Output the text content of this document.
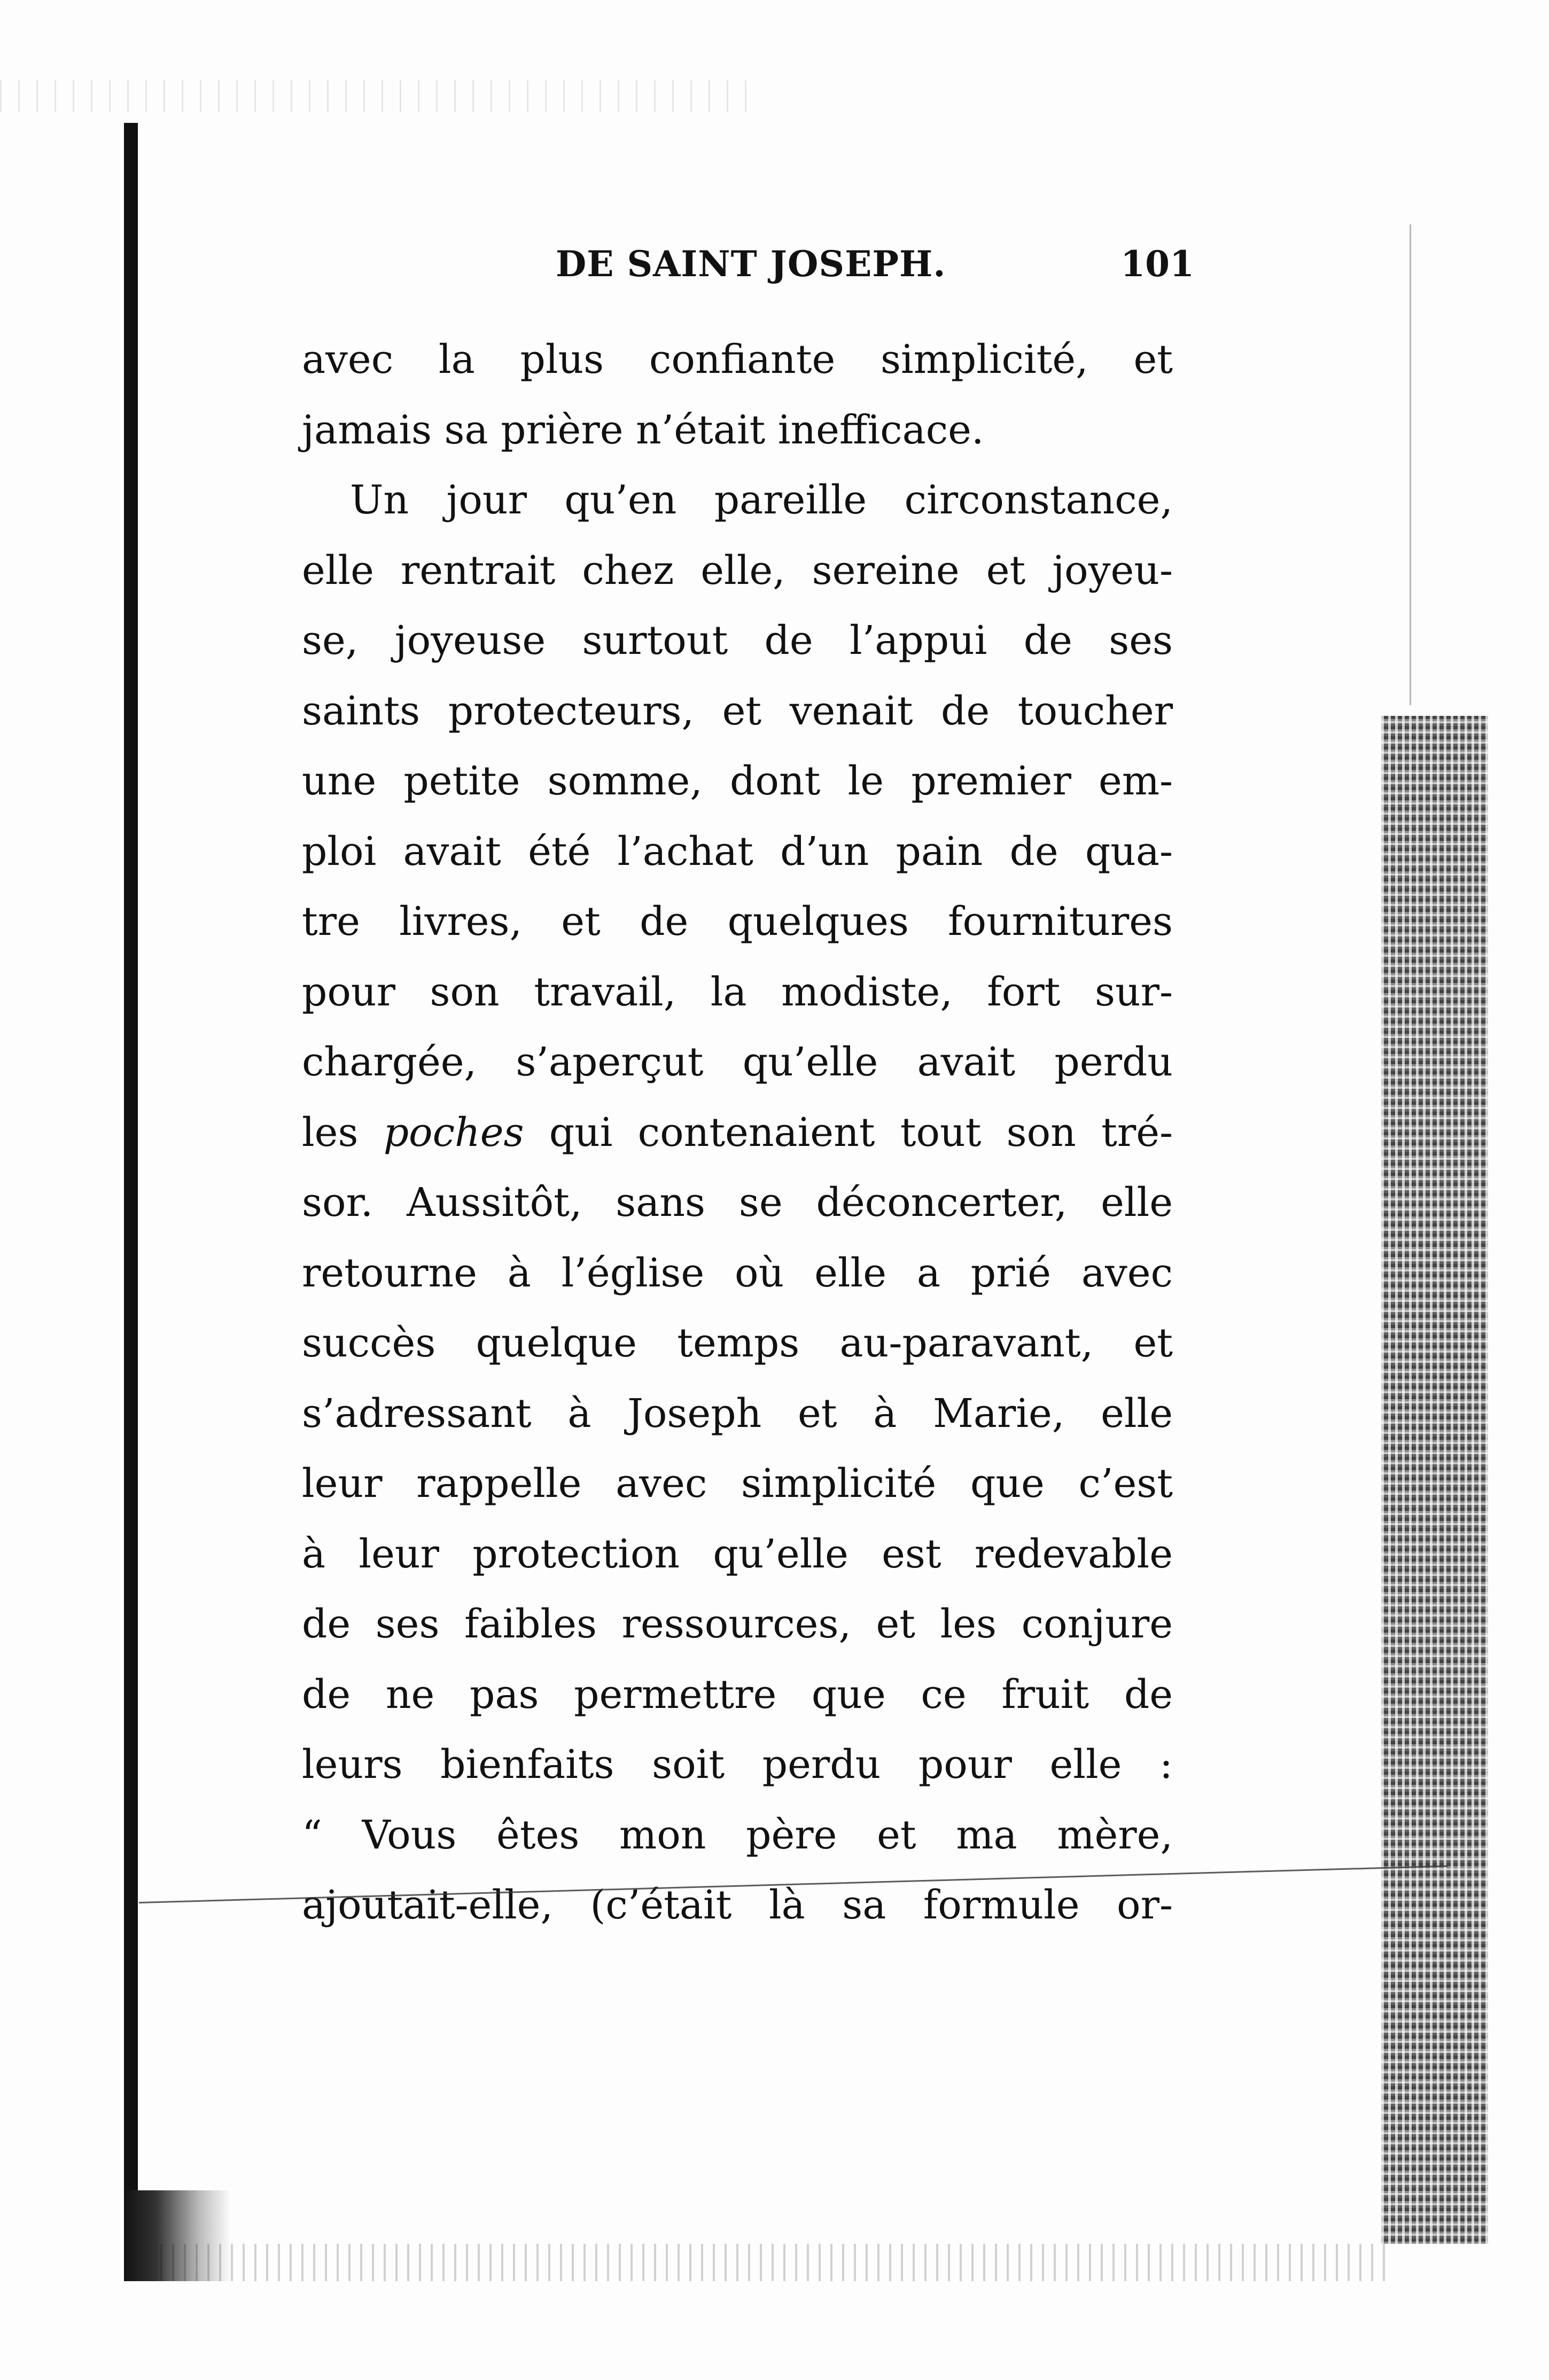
DE SAINT JOSEPH.	101
avec la plus confiante simplicité, et
jamais sa prière n’était inefficace.
Un jour qu’en pareille circonstance,
elle rentrait chez elle, sereine et joyeu-
se, joyeuse surtout de l’appui de ses
saints protecteurs, et venait de toucher
une petite somme, dont le premier em-
ploi avait été l’achat d’un pain de qua-
tre livres, et de quelques fournitures
pour son travail, la modiste, fort sur-
chargée, s’aperçut qu’elle avait perdu
les poches qui contenaient tout son tré-
sor. Aussitôt, sans se déconcerter, elle
retourne à l’église où elle a prié avec
succès quelque temps au-paravant, et
s’adressant à Joseph et à Marie, elle
leur rappelle avec simplicité que c’est
à leur protection qu’elle est redevable
de ses faibles ressources, et les conjure
de ne pas permettre que ce fruit de
leurs bienfaits soit perdu pour elle :
“ Vous êtes mon père et ma mère,
ajoutait-elle, (c’était là sa formule or-
